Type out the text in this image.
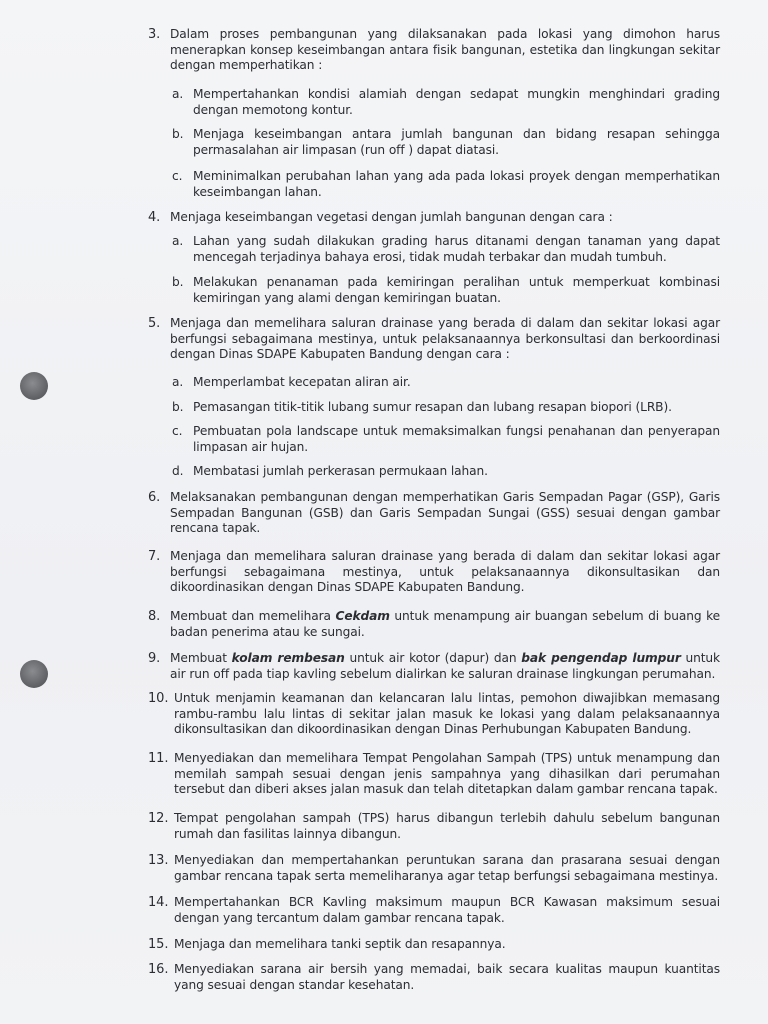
3. Dalam proses pembangunan yang dilaksanakan pada lokasi yang dimohon harus menerapkan konsep keseimbangan antara fisik bangunan, estetika dan lingkungan sekitar dengan memperhatikan :
a. Mempertahankan kondisi alamiah dengan sedapat mungkin menghindari grading dengan memotong kontur.
b. Menjaga keseimbangan antara jumlah bangunan dan bidang resapan sehingga permasalahan air limpasan (run off ) dapat diatasi.
c. Meminimalkan perubahan lahan yang ada pada lokasi proyek dengan memperhatikan keseimbangan lahan.
4. Menjaga keseimbangan vegetasi dengan jumlah bangunan dengan cara :
a. Lahan yang sudah dilakukan grading harus ditanami dengan tanaman yang dapat mencegah terjadinya bahaya erosi, tidak mudah terbakar dan mudah tumbuh.
b. Melakukan penanaman pada kemiringan peralihan untuk memperkuat kombinasi kemiringan yang alami dengan kemiringan buatan.
5. Menjaga dan memelihara saluran drainase yang berada di dalam dan sekitar lokasi agar berfungsi sebagaimana mestinya, untuk pelaksanaannya berkonsultasi dan berkoordinasi dengan Dinas SDAPE Kabupaten Bandung dengan cara :
a. Memperlambat kecepatan aliran air.
b. Pemasangan titik-titik lubang sumur resapan dan lubang resapan biopori (LRB).
c. Pembuatan pola landscape untuk memaksimalkan fungsi penahanan dan penyerapan limpasan air hujan.
d. Membatasi jumlah perkerasan permukaan lahan.
6. Melaksanakan pembangunan dengan memperhatikan Garis Sempadan Pagar (GSP), Garis Sempadan Bangunan (GSB) dan Garis Sempadan Sungai (GSS) sesuai dengan gambar rencana tapak.
7. Menjaga dan memelihara saluran drainase yang berada di dalam dan sekitar lokasi agar berfungsi sebagaimana mestinya, untuk pelaksanaannya dikonsultasikan dan dikoordinasikan dengan Dinas SDAPE Kabupaten Bandung.
8. Membuat dan memelihara Cekdam untuk menampung air buangan sebelum di buang ke badan penerima atau ke sungai.
9. Membuat kolam rembesan untuk air kotor (dapur) dan bak pengendap lumpur untuk air run off pada tiap kavling sebelum dialirkan ke saluran drainase lingkungan perumahan.
10. Untuk menjamin keamanan dan kelancaran lalu lintas, pemohon diwajibkan memasang rambu-rambu lalu lintas di sekitar jalan masuk ke lokasi yang dalam pelaksanaannya dikonsultasikan dan dikoordinasikan dengan Dinas Perhubungan Kabupaten Bandung.
11. Menyediakan dan memelihara Tempat Pengolahan Sampah (TPS) untuk menampung dan memilah sampah sesuai dengan jenis sampahnya yang dihasilkan dari perumahan tersebut dan diberi akses jalan masuk dan telah ditetapkan dalam gambar rencana tapak.
12. Tempat pengolahan sampah (TPS) harus dibangun terlebih dahulu sebelum bangunan rumah dan fasilitas lainnya dibangun.
13. Menyediakan dan mempertahankan peruntukan sarana dan prasarana sesuai dengan gambar rencana tapak serta memeliharanya agar tetap berfungsi sebagaimana mestinya.
14. Mempertahankan BCR Kavling maksimum maupun BCR Kawasan maksimum sesuai dengan yang tercantum dalam gambar rencana tapak.
15. Menjaga dan memelihara tanki septik dan resapannya.
16. Menyediakan sarana air bersih yang memadai, baik secara kualitas maupun kuantitas yang sesuai dengan standar kesehatan.
